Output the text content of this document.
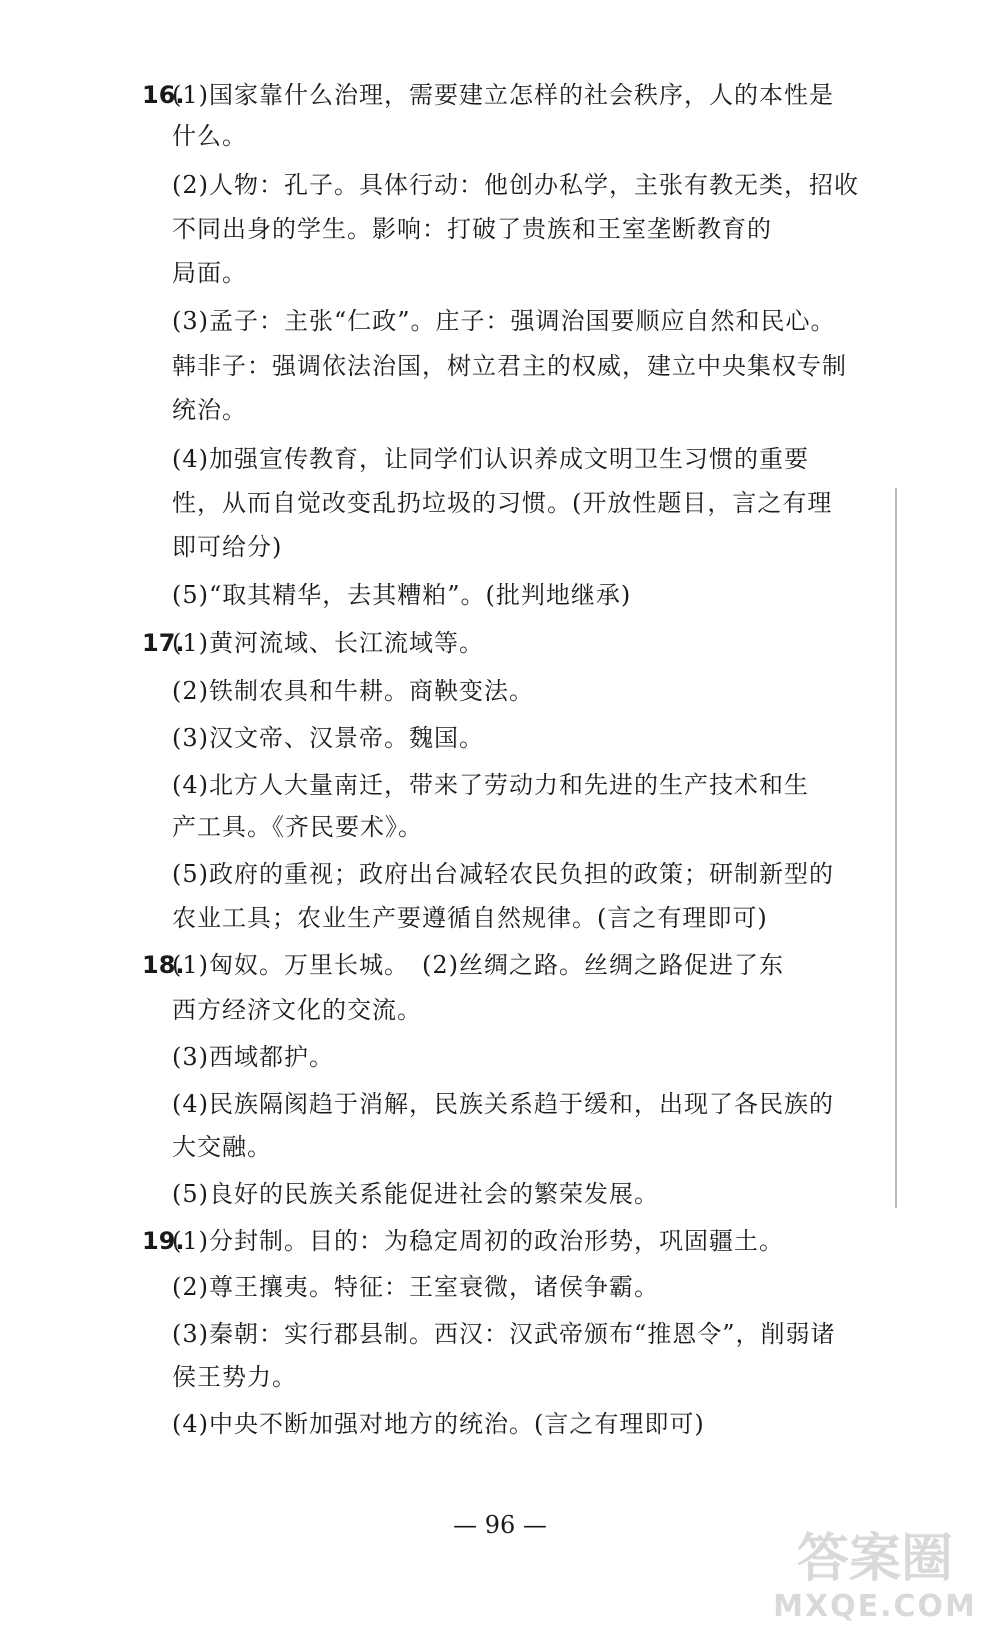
16.
(1)国家靠什么治理，需要建立怎样的社会秩序，人的本性是
什么。
(2)人物：孔子。具体行动：他创办私学，主张有教无类，招收
不同出身的学生。影响：打破了贵族和王室垄断教育的
局面。
(3)孟子：主张“仁政”。庄子：强调治国要顺应自然和民心。
韩非子：强调依法治国，树立君主的权威，建立中央集权专制
统治。
(4)加强宣传教育，让同学们认识养成文明卫生习惯的重要
性，从而自觉改变乱扔垃圾的习惯。(开放性题目，言之有理
即可给分)
(5)“取其精华，去其糟粕”。(批判地继承)
17.
(1)黄河流域、长江流域等。
(2)铁制农具和牛耕。商鞅变法。
(3)汉文帝、汉景帝。魏国。
(4)北方人大量南迁，带来了劳动力和先进的生产技术和生
产工具。《齐民要术》。
(5)政府的重视；政府出台减轻农民负担的政策；研制新型的
农业工具；农业生产要遵循自然规律。(言之有理即可)
18.
(1)匈奴。万里长城。　(2)丝绸之路。丝绸之路促进了东
西方经济文化的交流。
(3)西域都护。
(4)民族隔阂趋于消解，民族关系趋于缓和，出现了各民族的
大交融。
(5)良好的民族关系能促进社会的繁荣发展。
19.
(1)分封制。目的：为稳定周初的政治形势，巩固疆土。
(2)尊王攘夷。特征：王室衰微，诸侯争霸。
(3)秦朝：实行郡县制。西汉：汉武帝颁布“推恩令”，削弱诸
侯王势力。
(4)中央不断加强对地方的统治。(言之有理即可)
— 96 —
答案圈
MXQE.COM
